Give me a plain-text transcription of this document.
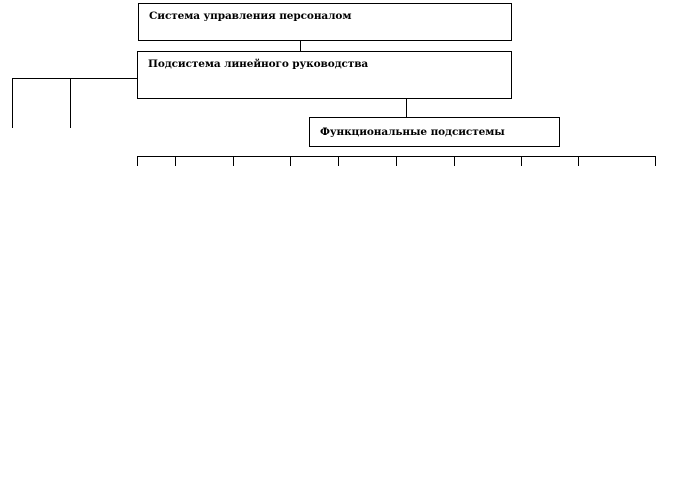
Система управления персоналом
Подсистема линейного руководства
Функциональные подсистемы
